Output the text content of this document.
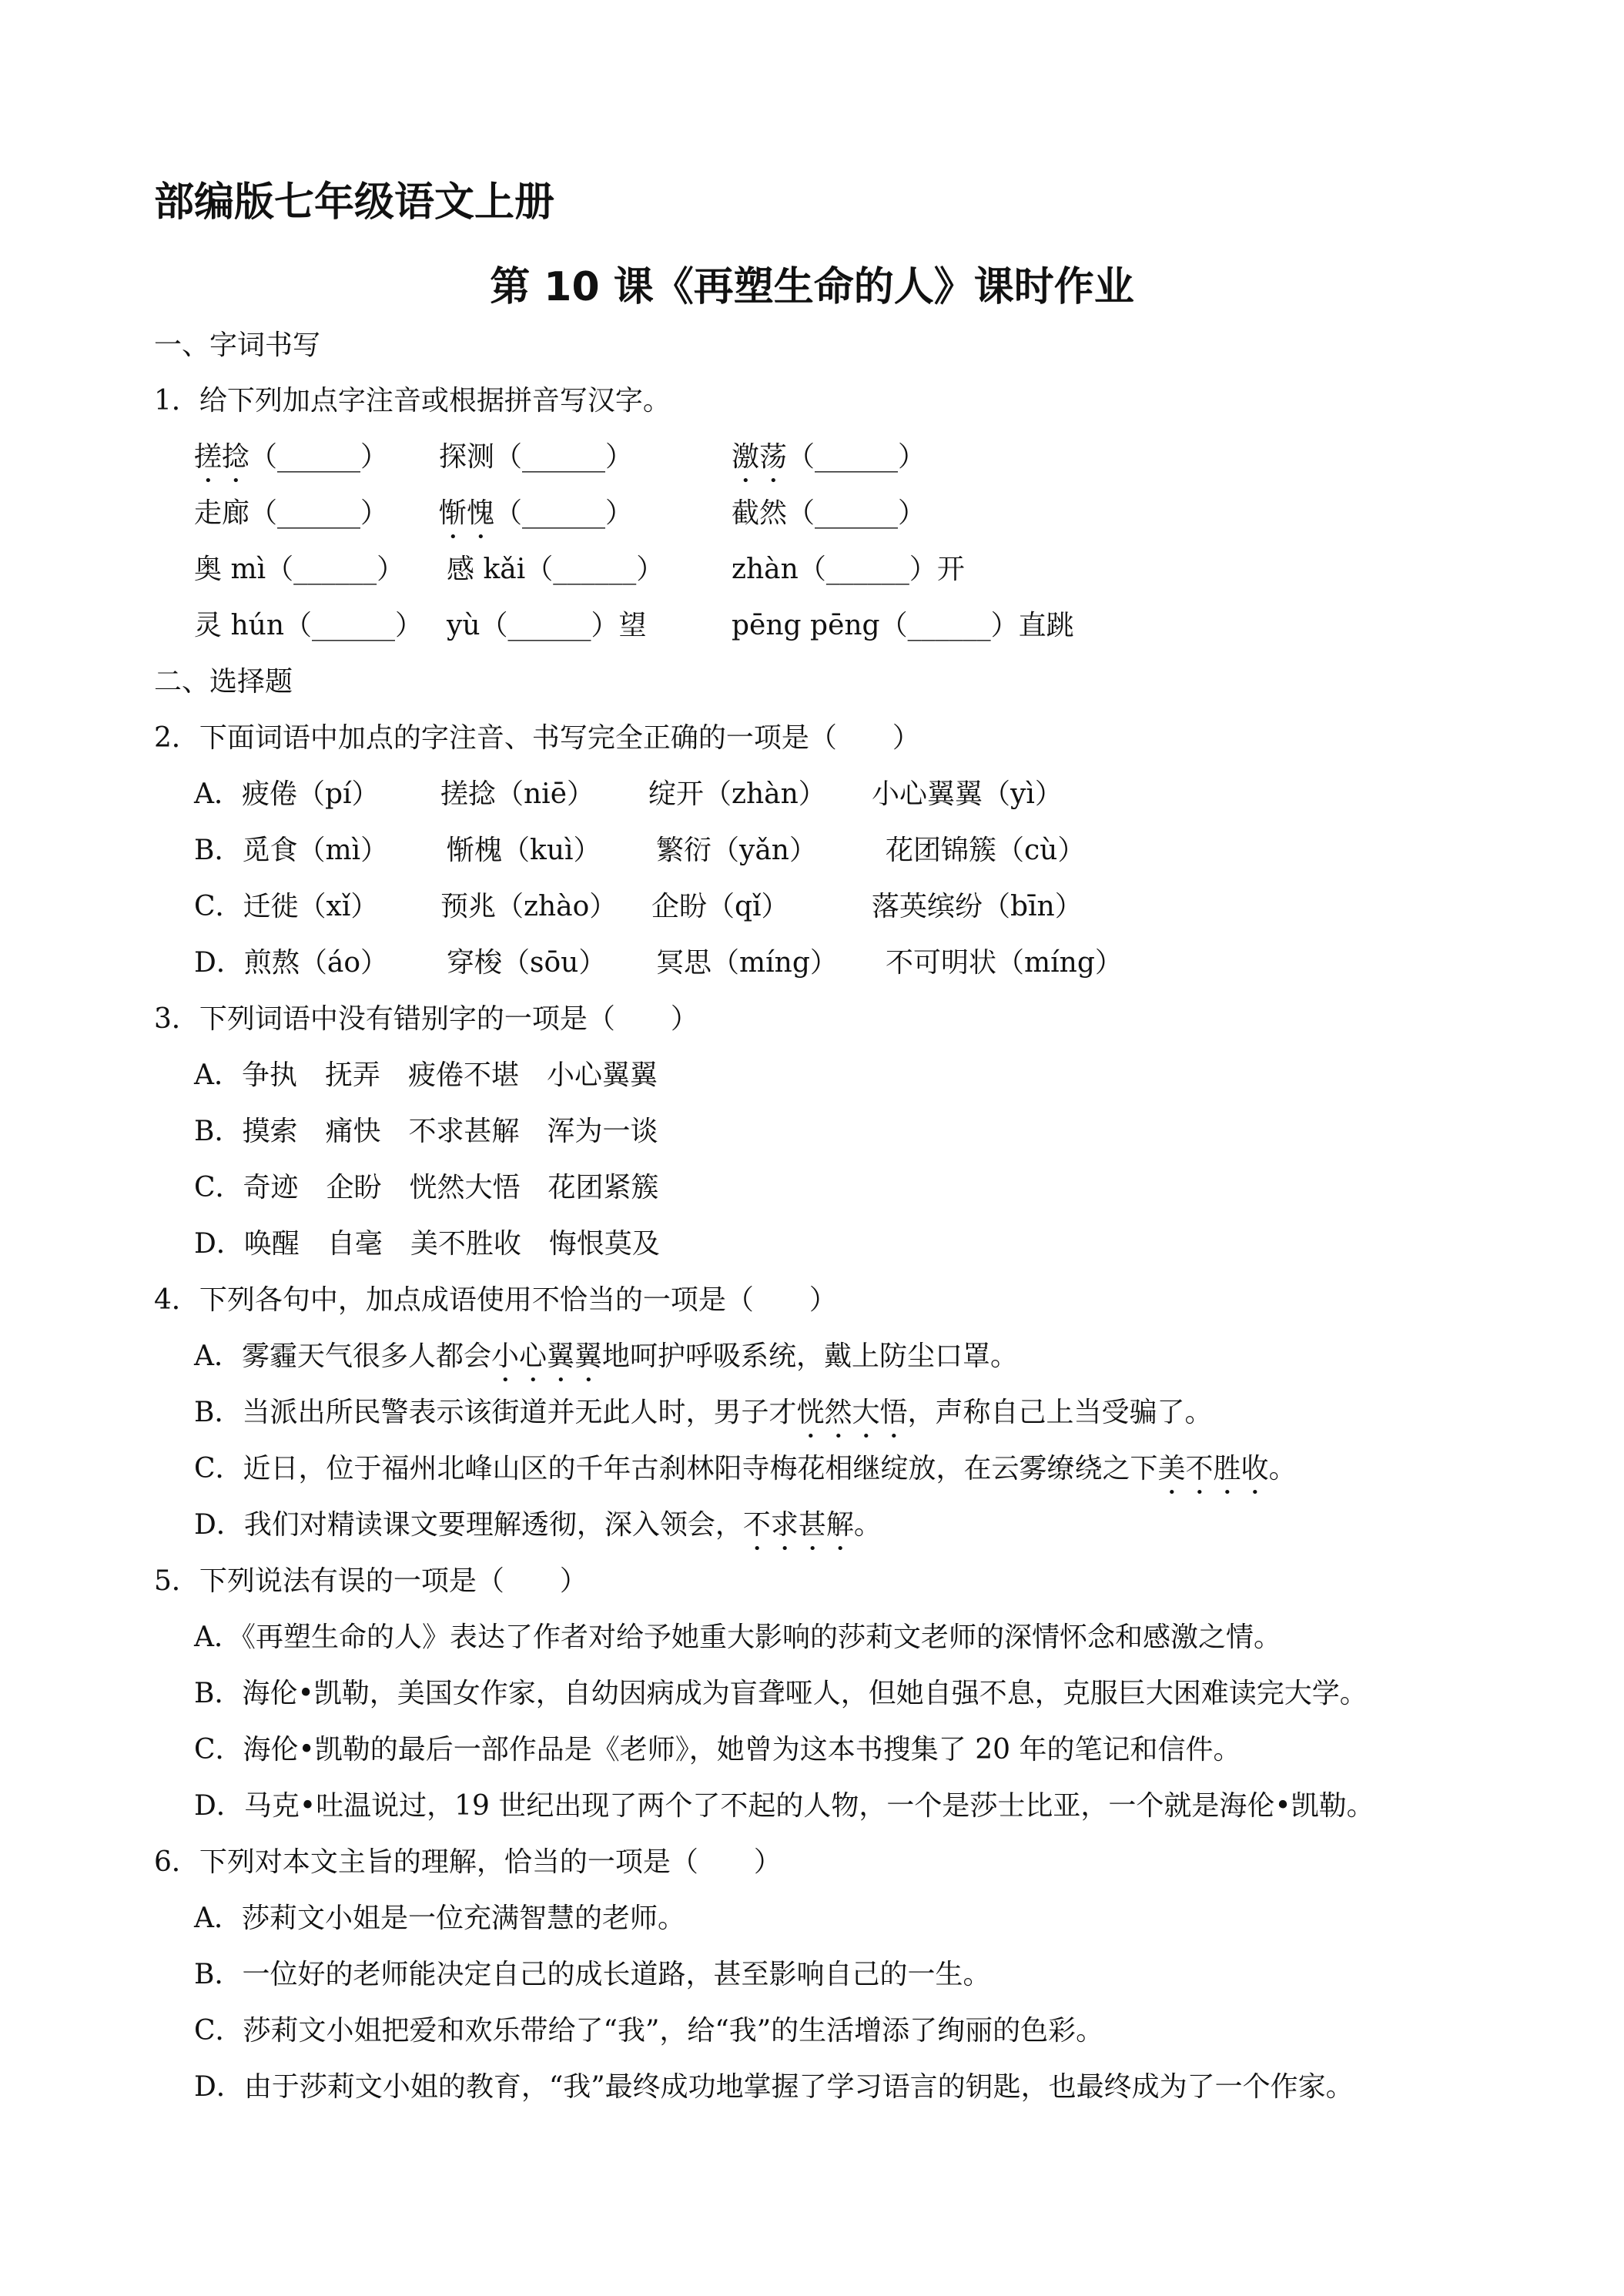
部编版七年级语文上册
第 10 课《再塑生命的人》课时作业
一、字词书写
1．给下列加点字注音或根据拼音写汉字。
搓捻（______） 探测（______）	激荡（______）
走廊（______） 惭愧（______）	截然（______）
奥 mì（______） 感 kǎi（______） zhàn（______）开
灵 hún（______） yù（______）望	pēng pēng（______）直跳
二、选择题
2．下面词语中加点的字注音、书写完全正确的一项是（　　）
A．疲倦（pí） 搓捻（niē） 绽开（zhàn） 小心翼翼（yì）
B．觅食（mì） 惭槐（kuì） 繁衍（yǎn） 花团锦簇（cù）
C．迁徙（xǐ） 预兆（zhào） 企盼（qǐ）	落英缤纷（bīn）
D．煎熬（áo） 穿梭（sōu） 冥思（míng） 不可明状（míng）
3．下列词语中没有错别字的一项是（　　）
A．争执　抚弄　疲倦不堪　小心翼翼
B．摸索　痛快　不求甚解　浑为一谈
C．奇迹　企盼　恍然大悟　花团紧簇
D．唤醒　自毫　美不胜收　悔恨莫及
4．下列各句中，加点成语使用不恰当的一项是（　　）
A．雾霾天气很多人都会小心翼翼地呵护呼吸系统，戴上防尘口罩。
B．当派出所民警表示该街道并无此人时，男子才恍然大悟，声称自己上当受骗了。
C．近日，位于福州北峰山区的千年古刹林阳寺梅花相继绽放，在云雾缭绕之下美不胜收。
D．我们对精读课文要理解透彻，深入领会，不求甚解。
5．下列说法有误的一项是（　　）
A．《再塑生命的人》表达了作者对给予她重大影响的莎莉文老师的深情怀念和感激之情。
B．海伦•凯勒，美国女作家，自幼因病成为盲聋哑人，但她自强不息，克服巨大困难读完大学。
C．海伦•凯勒的最后一部作品是《老师》，她曾为这本书搜集了 20 年的笔记和信件。
D．马克•吐温说过，19 世纪出现了两个了不起的人物，一个是莎士比亚，一个就是海伦•凯勒。
6．下列对本文主旨的理解，恰当的一项是（　　）
A．莎莉文小姐是一位充满智慧的老师。
B．一位好的老师能决定自己的成长道路，甚至影响自己的一生。
C．莎莉文小姐把爱和欢乐带给了“我”，给“我”的生活增添了绚丽的色彩。
D．由于莎莉文小姐的教育，“我”最终成功地掌握了学习语言的钥匙，也最终成为了一个作家。
